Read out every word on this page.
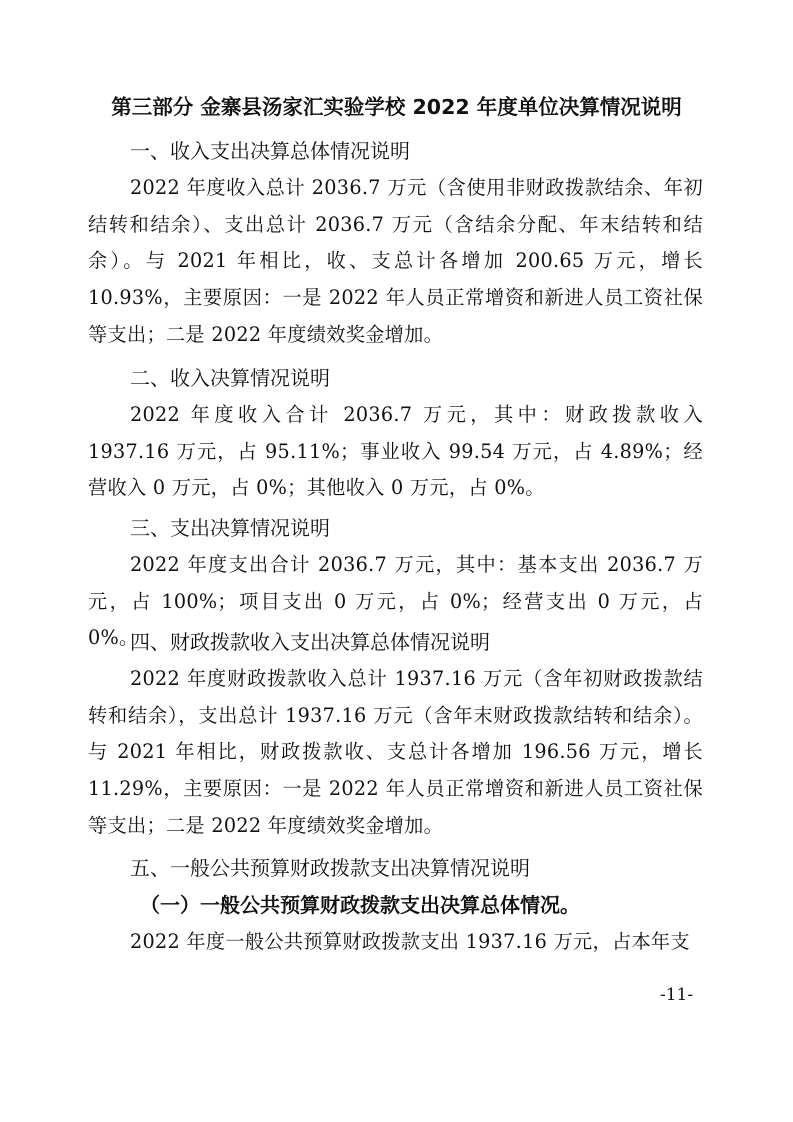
第三部分 金寨县汤家汇实验学校 2022 年度单位决算情况说明
一、收入支出决算总体情况说明
2022 年度收入总计 2036.7 万元（含使用非财政拨款结余、年初结转和结余）、支出总计 2036.7 万元（含结余分配、年末结转和结余）。与 2021 年相比，收、支总计各增加 200.65 万元，增长 10.93%，主要原因：一是 2022 年人员正常增资和新进人员工资社保等支出；二是 2022 年度绩效奖金增加。
二、收入决算情况说明
2022 年度收入合计 2036.7 万元，其中：财政拨款收入 1937.16 万元，占 95.11%；事业收入 99.54 万元，占 4.89%；经营收入 0 万元，占 0%；其他收入 0 万元，占 0%。
三、支出决算情况说明
2022 年度支出合计 2036.7 万元，其中：基本支出 2036.7 万元，占 100%；项目支出 0 万元，占 0%；经营支出 0 万元，占 0%。
四、财政拨款收入支出决算总体情况说明
2022 年度财政拨款收入总计 1937.16 万元（含年初财政拨款结转和结余），支出总计 1937.16 万元（含年末财政拨款结转和结余）。与 2021 年相比，财政拨款收、支总计各增加 196.56 万元，增长 11.29%，主要原因：一是 2022 年人员正常增资和新进人员工资社保等支出；二是 2022 年度绩效奖金增加。
五、一般公共预算财政拨款支出决算情况说明
（一）一般公共预算财政拨款支出决算总体情况。
2022 年度一般公共预算财政拨款支出 1937.16 万元，占本年支
-11-
